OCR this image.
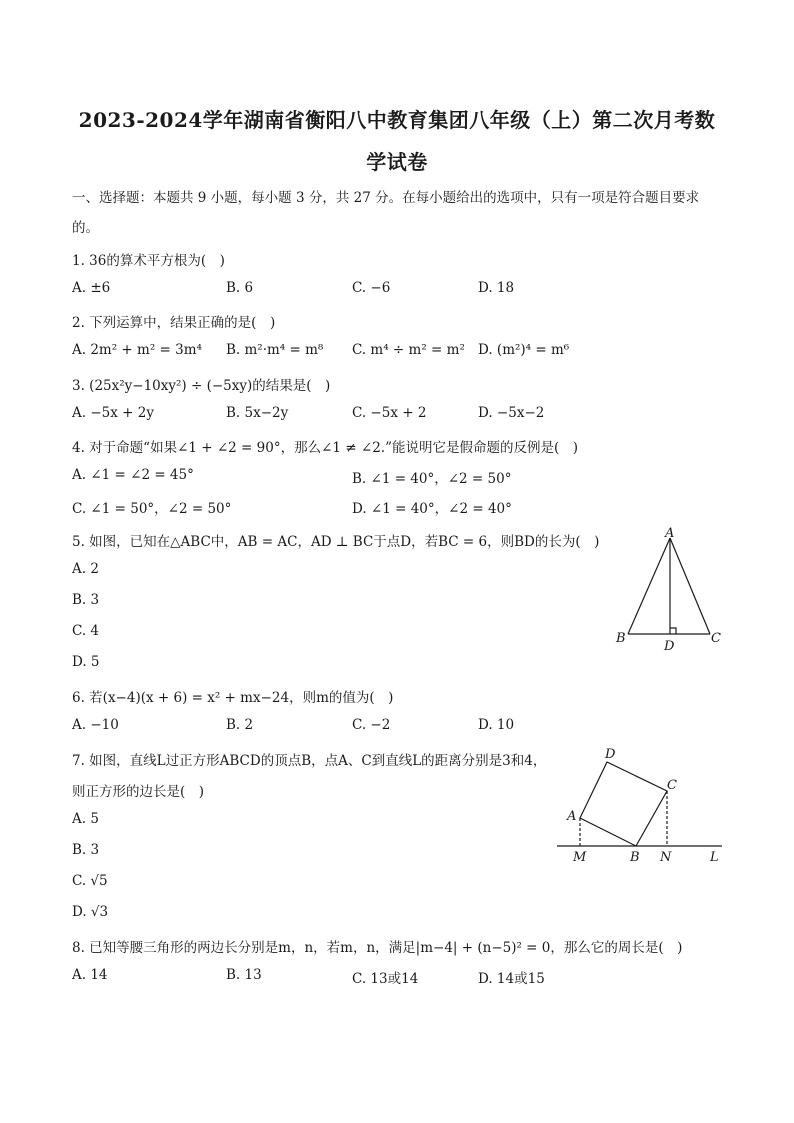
2023-2024学年湖南省衡阳八中教育集团八年级（上）第二次月考数
学试卷
一、选择题：本题共 9 小题，每小题 3 分，共 27 分。在每小题给出的选项中，只有一项是符合题目要求
的。
1. 36的算术平方根为(　)
A. ±6	B. 6	C. −6	D. 18
2. 下列运算中，结果正确的是(　)
A. 2m² + m² = 3m⁴ B. m²·m⁴ = m⁸ C. m⁴ ÷ m² = m² D. (m²)⁴ = m⁶
3. (25x²y−10xy²) ÷ (−5xy)的结果是(　)
A. −5x + 2y	B. 5x−2y	C. −5x + 2	D. −5x−2
4. 对于命题“如果∠1 + ∠2 = 90°，那么∠1 ≠ ∠2.”能说明它是假命题的反例是(　)
A. ∠1 = ∠2 = 45°	B. ∠1 = 40°，∠2 = 50°
C. ∠1 = 50°，∠2 = 50°	D. ∠1 = 40°，∠2 = 40°
5. 如图，已知在△ABC中，AB = AC，AD ⊥ BC于点D，若BC = 6，则BD的长为(　)
A. 2
B. 3
C. 4
D. 5
A
B	C
D
6. 若(x−4)(x + 6) = x² + mx−24，则m的值为(　)
A. −10	B. 2	C. −2	D. 10
7. 如图，直线L过正方形ABCD的顶点B，点A、C到直线L的距离分别是3和4，
则正方形的边长是(　)
A. 5
B. 3
C. √5
D. √3
D
C
A
M	B N	L
8. 已知等腰三角形的两边长分别是m，n，若m，n，满足|m−4| + (n−5)² = 0，那么它的周长是(　)
A. 14	B. 13	C. 13或14	D. 14或15
